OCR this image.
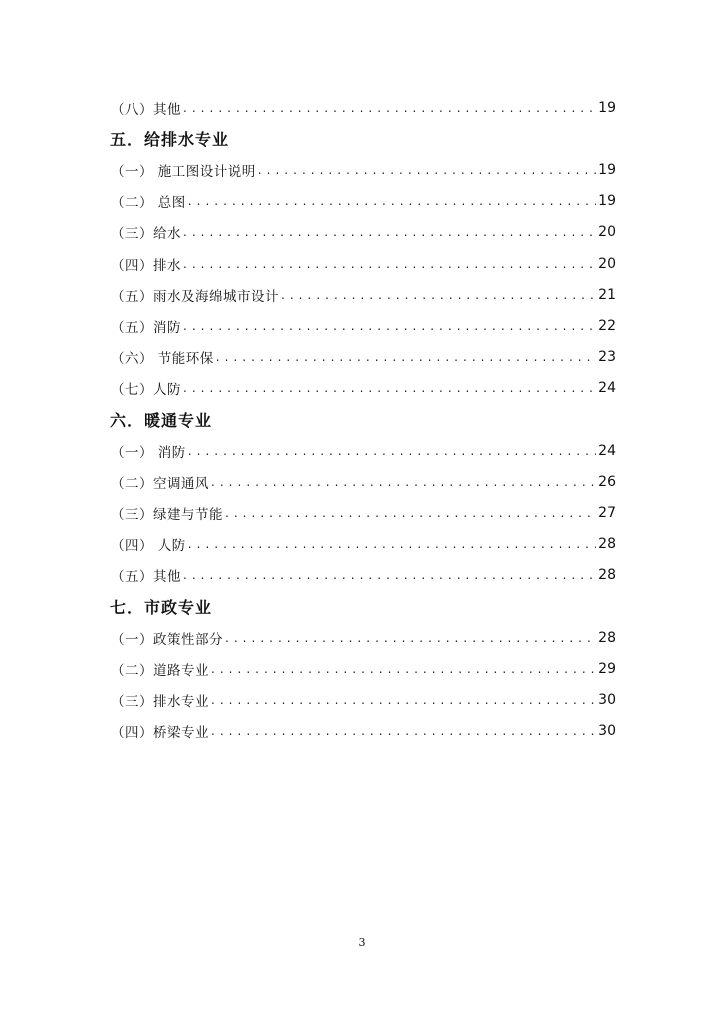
（八）其他 . . .	19
五．给排水专业
（一） 施工图设计说明 . . .	19
（二） 总图 . . .	19
（三）给水 . . .	20
（四）排水 . . .	20
（五）雨水及海绵城市设计 . . .	21
（五）消防 . . .	22
（六） 节能环保 . . .	23
（七）人防 . . .	24
六．暖通专业
（一） 消防 . . .	24
（二）空调通风 . . .	26
（三）绿建与节能 . . .	27
（四） 人防 . . .	28
（五）其他 . . .	28
七．市政专业
（一）政策性部分 . . .	28
（二）道路专业 . . .	29
（三）排水专业 . . .	30
（四）桥梁专业 . . .	30
3
